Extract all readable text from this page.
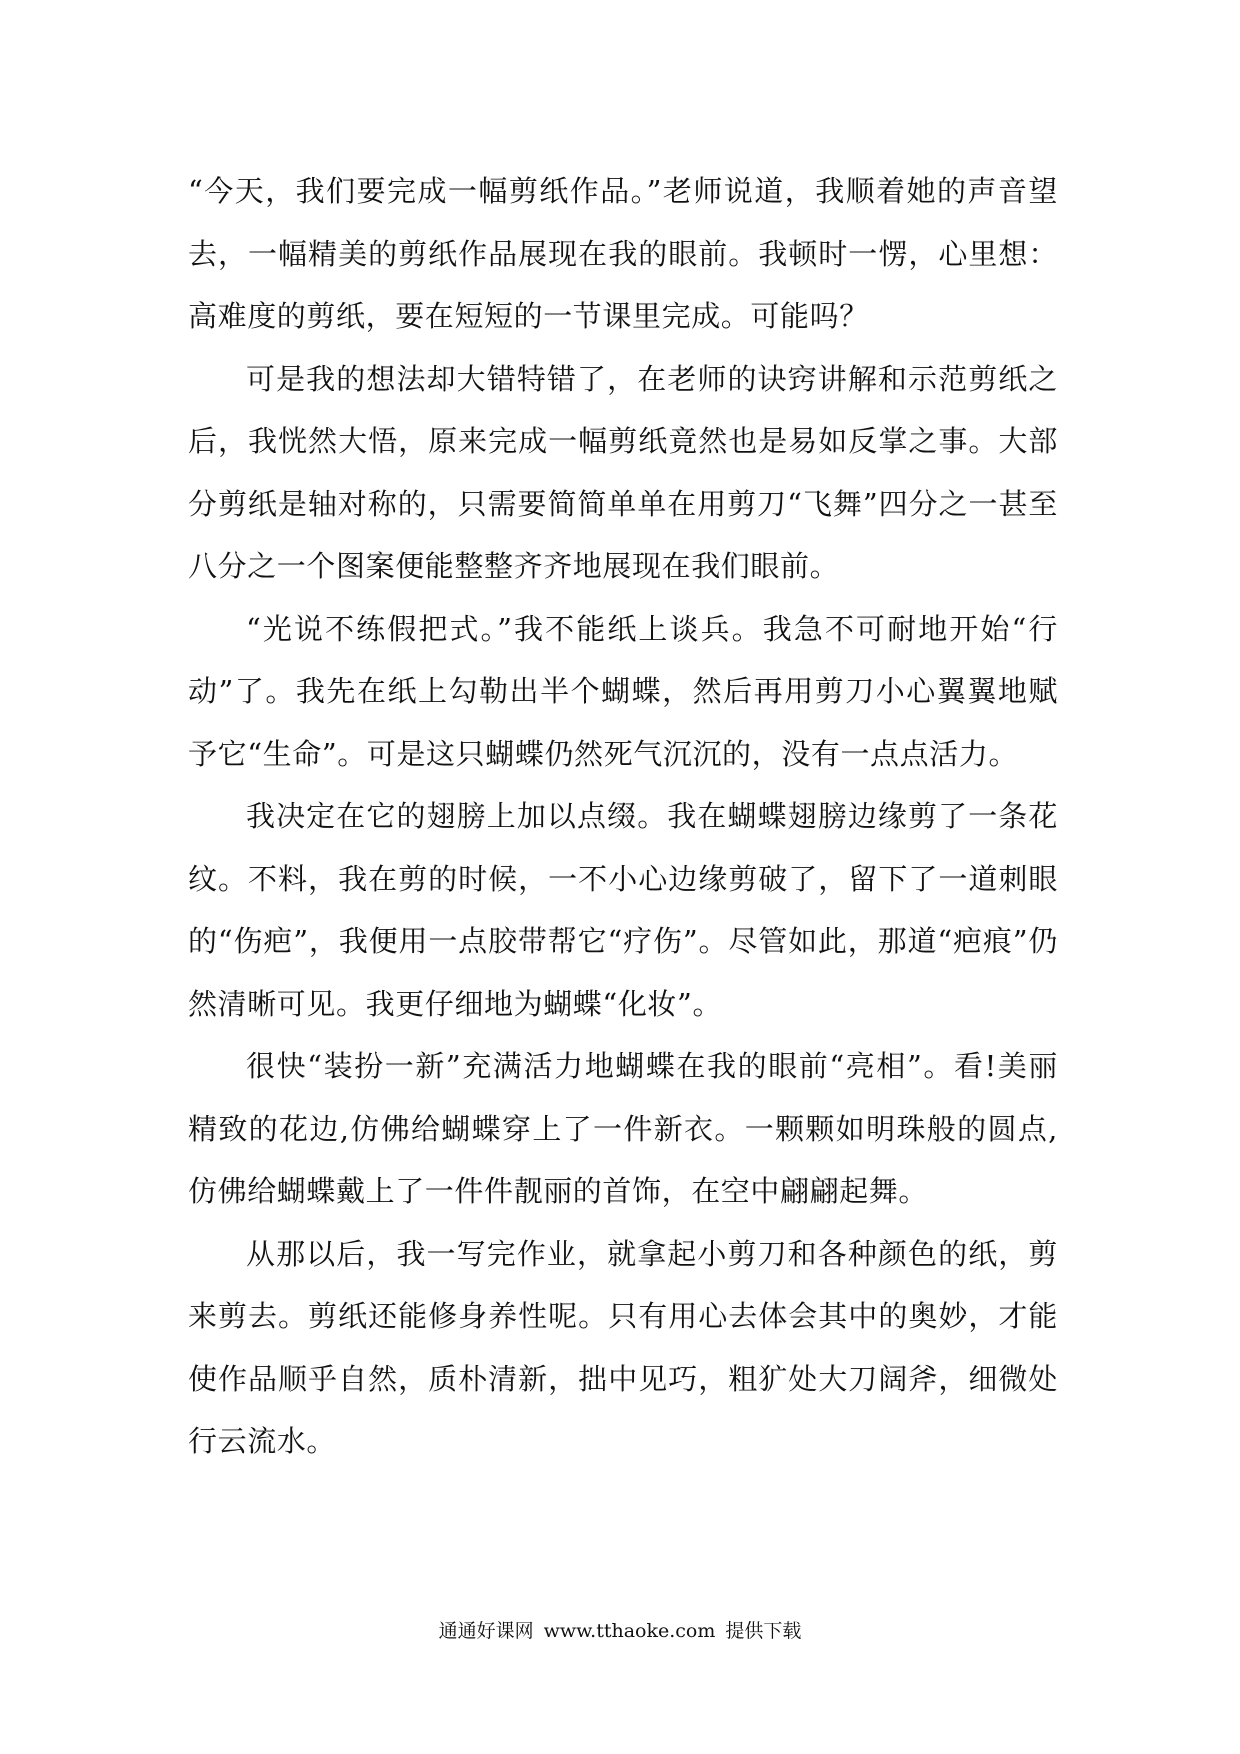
“今天，我们要完成一幅剪纸作品。”老师说道，我顺着她的声音望去，一幅精美的剪纸作品展现在我的眼前。我顿时一愣，心里想：高难度的剪纸，要在短短的一节课里完成。可能吗？

可是我的想法却大错特错了，在老师的诀窍讲解和示范剪纸之后，我恍然大悟，原来完成一幅剪纸竟然也是易如反掌之事。大部分剪纸是轴对称的，只需要简简单单在用剪刀“飞舞”四分之一甚至八分之一个图案便能整整齐齐地展现在我们眼前。

“光说不练假把式。”我不能纸上谈兵。我急不可耐地开始“行动”了。我先在纸上勾勒出半个蝴蝶，然后再用剪刀小心翼翼地赋予它“生命”。可是这只蝴蝶仍然死气沉沉的，没有一点点活力。

我决定在它的翅膀上加以点缀。我在蝴蝶翅膀边缘剪了一条花纹。不料，我在剪的时候，一不小心边缘剪破了，留下了一道刺眼的“伤疤”，我便用一点胶带帮它“疗伤”。尽管如此，那道“疤痕”仍然清晰可见。我更仔细地为蝴蝶“化妆”。

很快“装扮一新”充满活力地蝴蝶在我的眼前“亮相”。看!美丽精致的花边,仿佛给蝴蝶穿上了一件新衣。一颗颗如明珠般的圆点,仿佛给蝴蝶戴上了一件件靓丽的首饰，在空中翩翩起舞。

从那以后，我一写完作业，就拿起小剪刀和各种颜色的纸，剪来剪去。剪纸还能修身养性呢。只有用心去体会其中的奥妙，才能使作品顺乎自然，质朴清新，拙中见巧，粗犷处大刀阔斧，细微处行云流水。

通通好课网 www.tthaoke.com 提供下载
